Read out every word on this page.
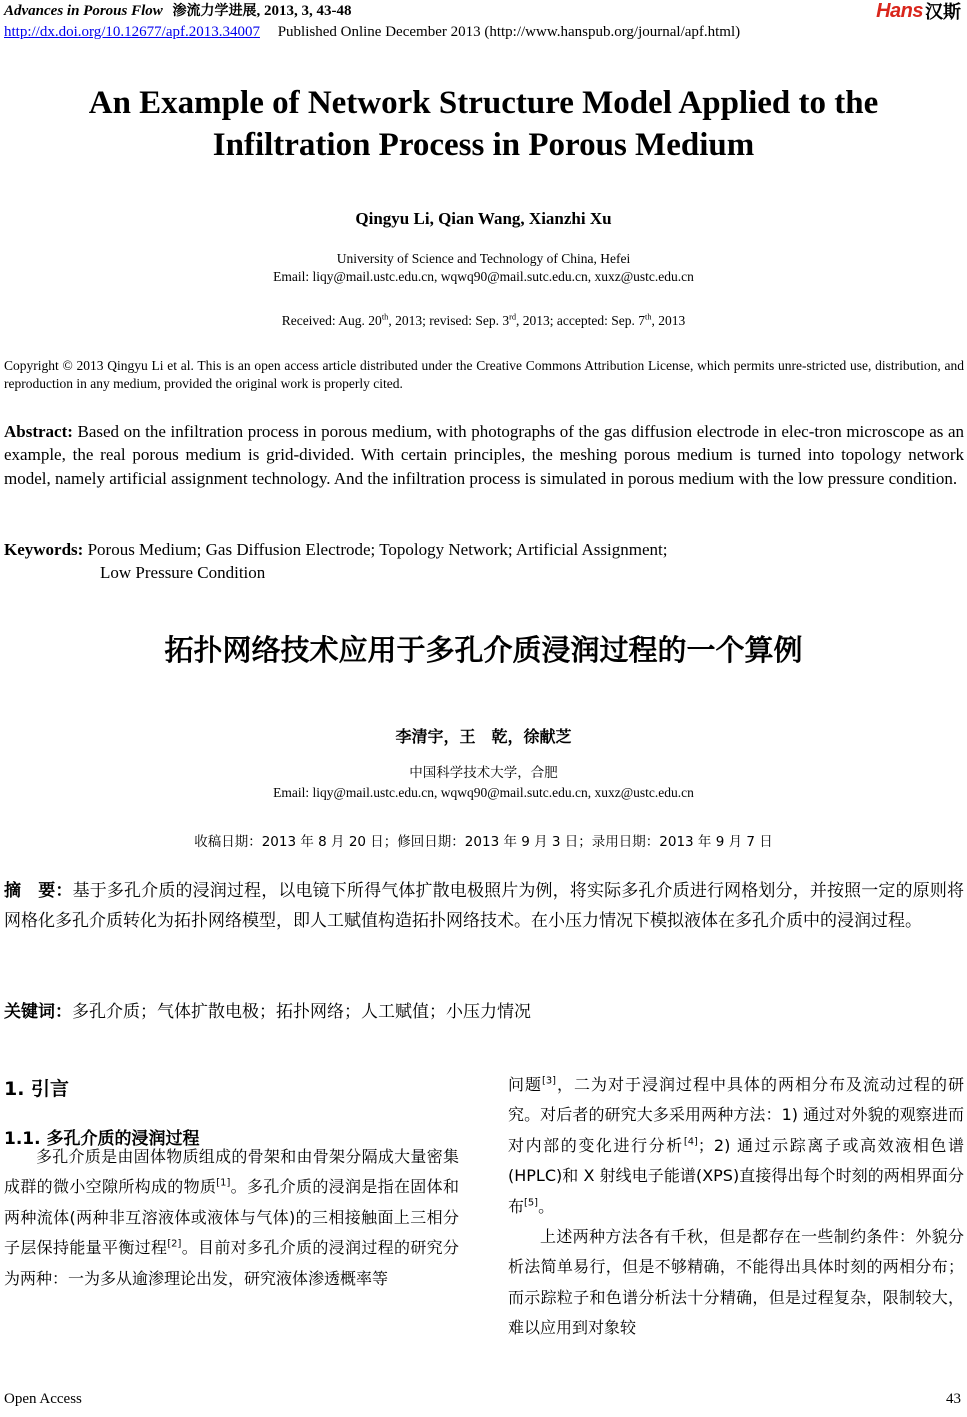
Advances in Porous Flow 渗流力学进展, 2013, 3, 43-48
http://dx.doi.org/10.12677/apf.2013.34007 Published Online December 2013 (http://www.hanspub.org/journal/apf.html)
Hans 汉斯
An Example of Network Structure Model Applied to the
Infiltration Process in Porous Medium
Qingyu Li, Qian Wang, Xianzhi Xu
University of Science and Technology of China, Hefei
Email: liqy@mail.ustc.edu.cn, wqwq90@mail.sutc.edu.cn, xuxz@ustc.edu.cn
Received: Aug. 20th, 2013; revised: Sep. 3rd, 2013; accepted: Sep. 7th, 2013
Copyright © 2013 Qingyu Li et al. This is an open access article distributed under the Creative Commons Attribution License, which permits unre-stricted use, distribution, and reproduction in any medium, provided the original work is properly cited.
Abstract: Based on the infiltration process in porous medium, with photographs of the gas diffusion electrode in elec-tron microscope as an example, the real porous medium is grid-divided. With certain principles, the meshing porous medium is turned into topology network model, namely artificial assignment technology. And the infiltration process is simulated in porous medium with the low pressure condition.
Keywords: Porous Medium; Gas Diffusion Electrode; Topology Network; Artificial Assignment;
Low Pressure Condition
拓扑网络技术应用于多孔介质浸润过程的一个算例
李清宇，王　乾，徐献芝
中国科学技术大学，合肥
Email: liqy@mail.ustc.edu.cn, wqwq90@mail.sutc.edu.cn, xuxz@ustc.edu.cn
收稿日期：2013 年 8 月 20 日；修回日期：2013 年 9 月 3 日；录用日期：2013 年 9 月 7 日
摘　要：基于多孔介质的浸润过程，以电镜下所得气体扩散电极照片为例，将实际多孔介质进行网格划分，并按照一定的原则将网格化多孔介质转化为拓扑网络模型，即人工赋值构造拓扑网络技术。在小压力情况下模拟液体在多孔介质中的浸润过程。
关键词：多孔介质；气体扩散电极；拓扑网络；人工赋值；小压力情况
1. 引言
1.1. 多孔介质的浸润过程

多孔介质是由固体物质组成的骨架和由骨架分隔成大量密集成群的微小空隙所构成的物质[1]。多孔介质的浸润是指在固体和两种流体(两种非互溶液体或液体与气体)的三相接触面上三相分子层保持能量平衡过程[2]。目前对多孔介质的浸润过程的研究分为两种：一为多从逾渗理论出发，研究液体渗透概率等

问题[3]，二为对于浸润过程中具体的两相分布及流动过程的研究。对后者的研究大多采用两种方法：1) 通过对外貌的观察进而对内部的变化进行分析[4]；2) 通过示踪离子或高效液相色谱(HPLC)和 X 射线电子能谱(XPS)直接得出每个时刻的两相界面分布[5]。

上述两种方法各有千秋，但是都存在一些制约条件：外貌分析法简单易行，但是不够精确，不能得出具体时刻的两相分布；而示踪粒子和色谱分析法十分精确，但是过程复杂，限制较大，难以应用到对象较

Open Access	43
